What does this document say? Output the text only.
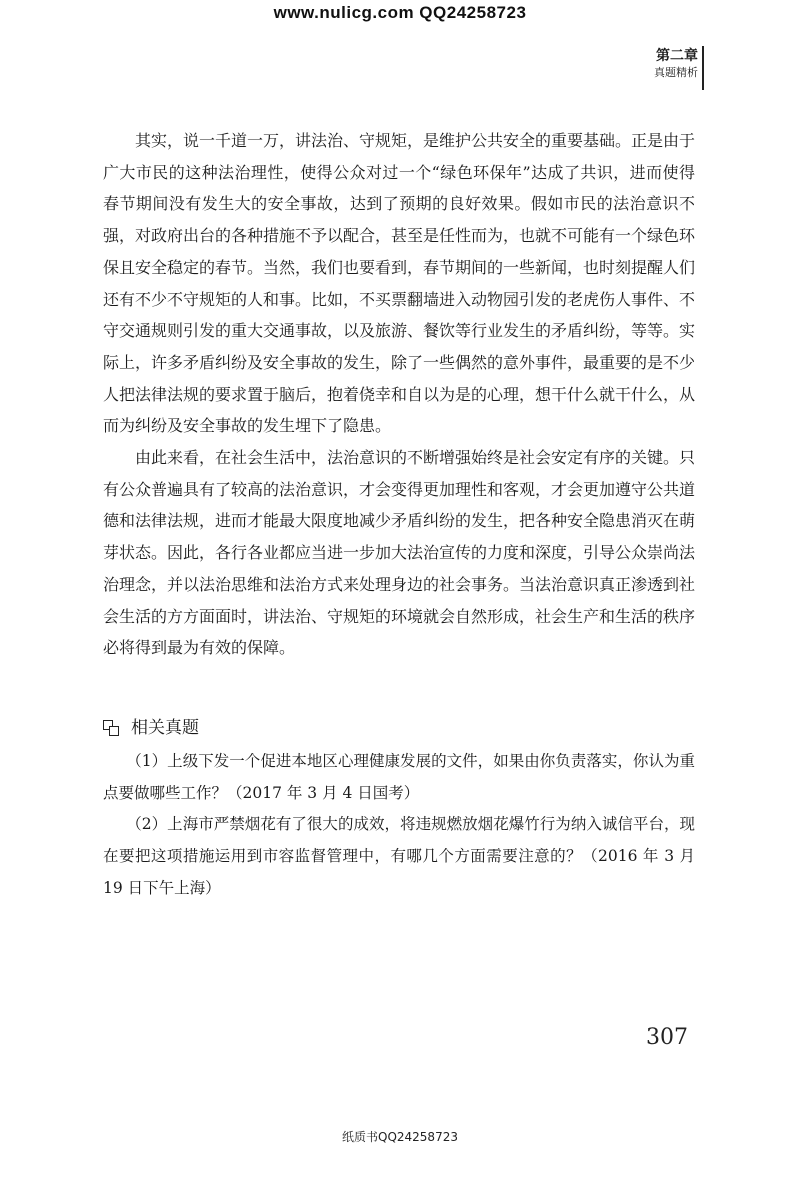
www.nulicg.com QQ24258723
第二章
真题精析

其实，说一千道一万，讲法治、守规矩，是维护公共安全的重要基础。正是由于广大市民的这种法治理性，使得公众对过一个“绿色环保年”达成了共识，进而使得春节期间没有发生大的安全事故，达到了预期的良好效果。假如市民的法治意识不强，对政府出台的各种措施不予以配合，甚至是任性而为，也就不可能有一个绿色环保且安全稳定的春节。当然，我们也要看到，春节期间的一些新闻，也时刻提醒人们还有不少不守规矩的人和事。比如，不买票翻墙进入动物园引发的老虎伤人事件、不守交通规则引发的重大交通事故，以及旅游、餐饮等行业发生的矛盾纠纷，等等。实际上，许多矛盾纠纷及安全事故的发生，除了一些偶然的意外事件，最重要的是不少人把法律法规的要求置于脑后，抱着侥幸和自以为是的心理，想干什么就干什么，从而为纠纷及安全事故的发生埋下了隐患。

由此来看，在社会生活中，法治意识的不断增强始终是社会安定有序的关键。只有公众普遍具有了较高的法治意识，才会变得更加理性和客观，才会更加遵守公共道德和法律法规，进而才能最大限度地减少矛盾纠纷的发生，把各种安全隐患消灭在萌芽状态。因此，各行各业都应当进一步加大法治宣传的力度和深度，引导公众崇尚法治理念，并以法治思维和法治方式来处理身边的社会事务。当法治意识真正渗透到社会生活的方方面面时，讲法治、守规矩的环境就会自然形成，社会生产和生活的秩序必将得到最为有效的保障。

相关真题

（1）上级下发一个促进本地区心理健康发展的文件，如果由你负责落实，你认为重点要做哪些工作？（2017 年 3 月 4 日国考）

（2）上海市严禁烟花有了很大的成效，将违规燃放烟花爆竹行为纳入诚信平台，现在要把这项措施运用到市容监督管理中，有哪几个方面需要注意的？（2016 年 3 月 19 日下午上海）

307
纸质书QQ24258723
